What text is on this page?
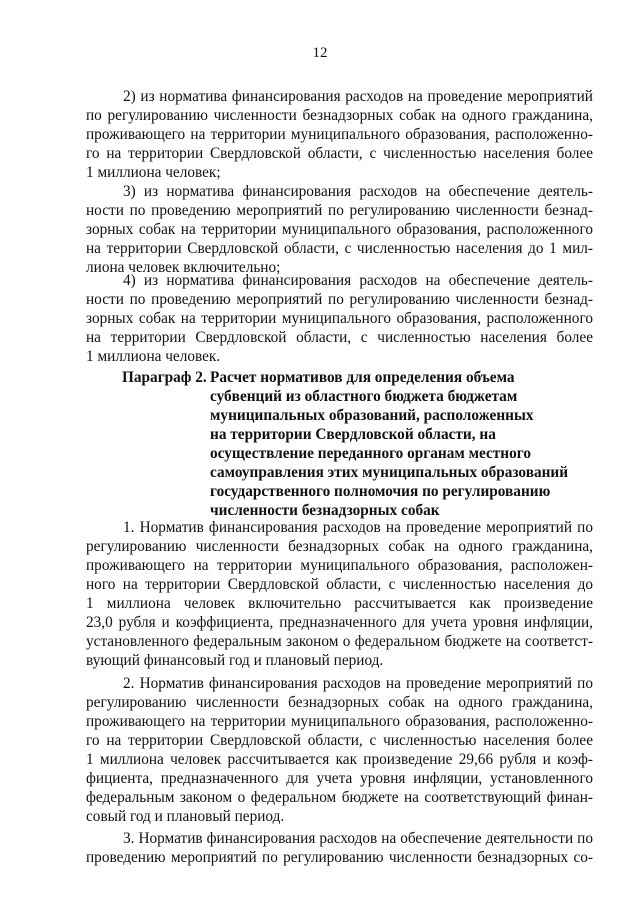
12
2) из норматива финансирования расходов на проведение мероприятий
по регулированию численности безнадзорных собак на одного гражданина,
проживающего на территории муниципального образования, расположенно-
го на территории Свердловской области, с численностью населения более
1 миллиона человек;
3) из норматива финансирования расходов на обеспечение деятель-
ности по проведению мероприятий по регулированию численности безнад-
зорных собак на территории муниципального образования, расположенного
на территории Свердловской области, с численностью населения до 1 мил-
лиона человек включительно;
4) из норматива финансирования расходов на обеспечение деятель-
ности по проведению мероприятий по регулированию численности безнад-
зорных собак на территории муниципального образования, расположенного
на территории Свердловской области, с численностью населения более
1 миллиона человек.
Параграф 2. Расчет нормативов для определения объема
субвенций из областного бюджета бюджетам
муниципальных образований, расположенных
на территории Свердловской области, на
осуществление переданного органам местного
самоуправления этих муниципальных образований
государственного полномочия по регулированию
численности безнадзорных собак
1. Норматив финансирования расходов на проведение мероприятий по
регулированию численности безнадзорных собак на одного гражданина,
проживающего на территории муниципального образования, расположен-
ного на территории Свердловской области, с численностью населения до
1 миллиона человек включительно рассчитывается как произведение
23,0 рубля и коэффициента, предназначенного для учета уровня инфляции,
установленного федеральным законом о федеральном бюджете на соответст-
вующий финансовый год и плановый период.
2. Норматив финансирования расходов на проведение мероприятий по
регулированию численности безнадзорных собак на одного гражданина,
проживающего на территории муниципального образования, расположенно-
го на территории Свердловской области, с численностью населения более
1 миллиона человек рассчитывается как произведение 29,66 рубля и коэф-
фициента, предназначенного для учета уровня инфляции, установленного
федеральным законом о федеральном бюджете на соответствующий финан-
совый год и плановый период.
3. Норматив финансирования расходов на обеспечение деятельности по
проведению мероприятий по регулированию численности безнадзорных со-
